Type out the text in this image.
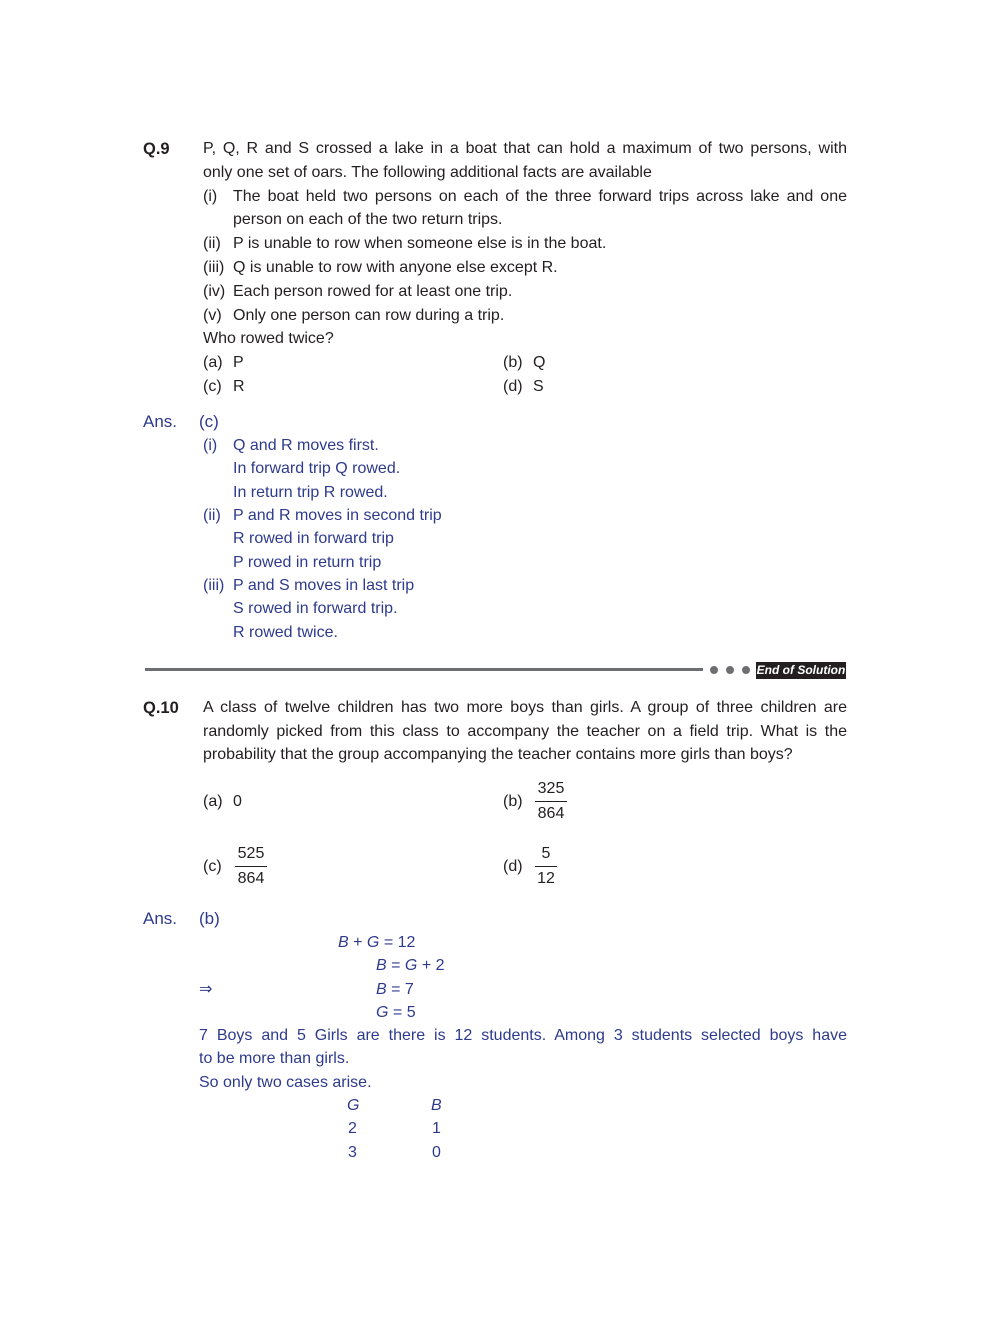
Q.9 P, Q, R and S crossed a lake in a boat that can hold a maximum of two persons, with
only one set of oars. The following additional facts are available
(i) The boat held two persons on each of the three forward trips across lake and one
person on each of the two return trips.
(ii) P is unable to row when someone else is in the boat.
(iii) Q is unable to row with anyone else except R.
(iv) Each person rowed for at least one trip.
(v) Only one person can row during a trip.
Who rowed twice?
(a) P	(b) Q
(c) R	(d) S
Ans. (c)
(i) Q and R moves first.
In forward trip Q rowed.
In return trip R rowed.
(ii) P and R moves in second trip
R rowed in forward trip
P rowed in return trip
(iii) P and S moves in last trip
S rowed in forward trip.
R rowed twice.
End of Solution
Q.10 A class of twelve children has two more boys than girls. A group of three children are
randomly picked from this class to accompany the teacher on a field trip. What is the
probability that the group accompanying the teacher contains more girls than boys?
(a) 0	(b)
325
864
(c)
525
864
(d)
5
12
Ans. (b)
B + G = 12
B = G + 2
⇒	B = 7
G = 5
7 Boys and 5 Girls are there is 12 students. Among 3 students selected boys have
to be more than girls.
So only two cases arise.
G	B
2	1
3	0
